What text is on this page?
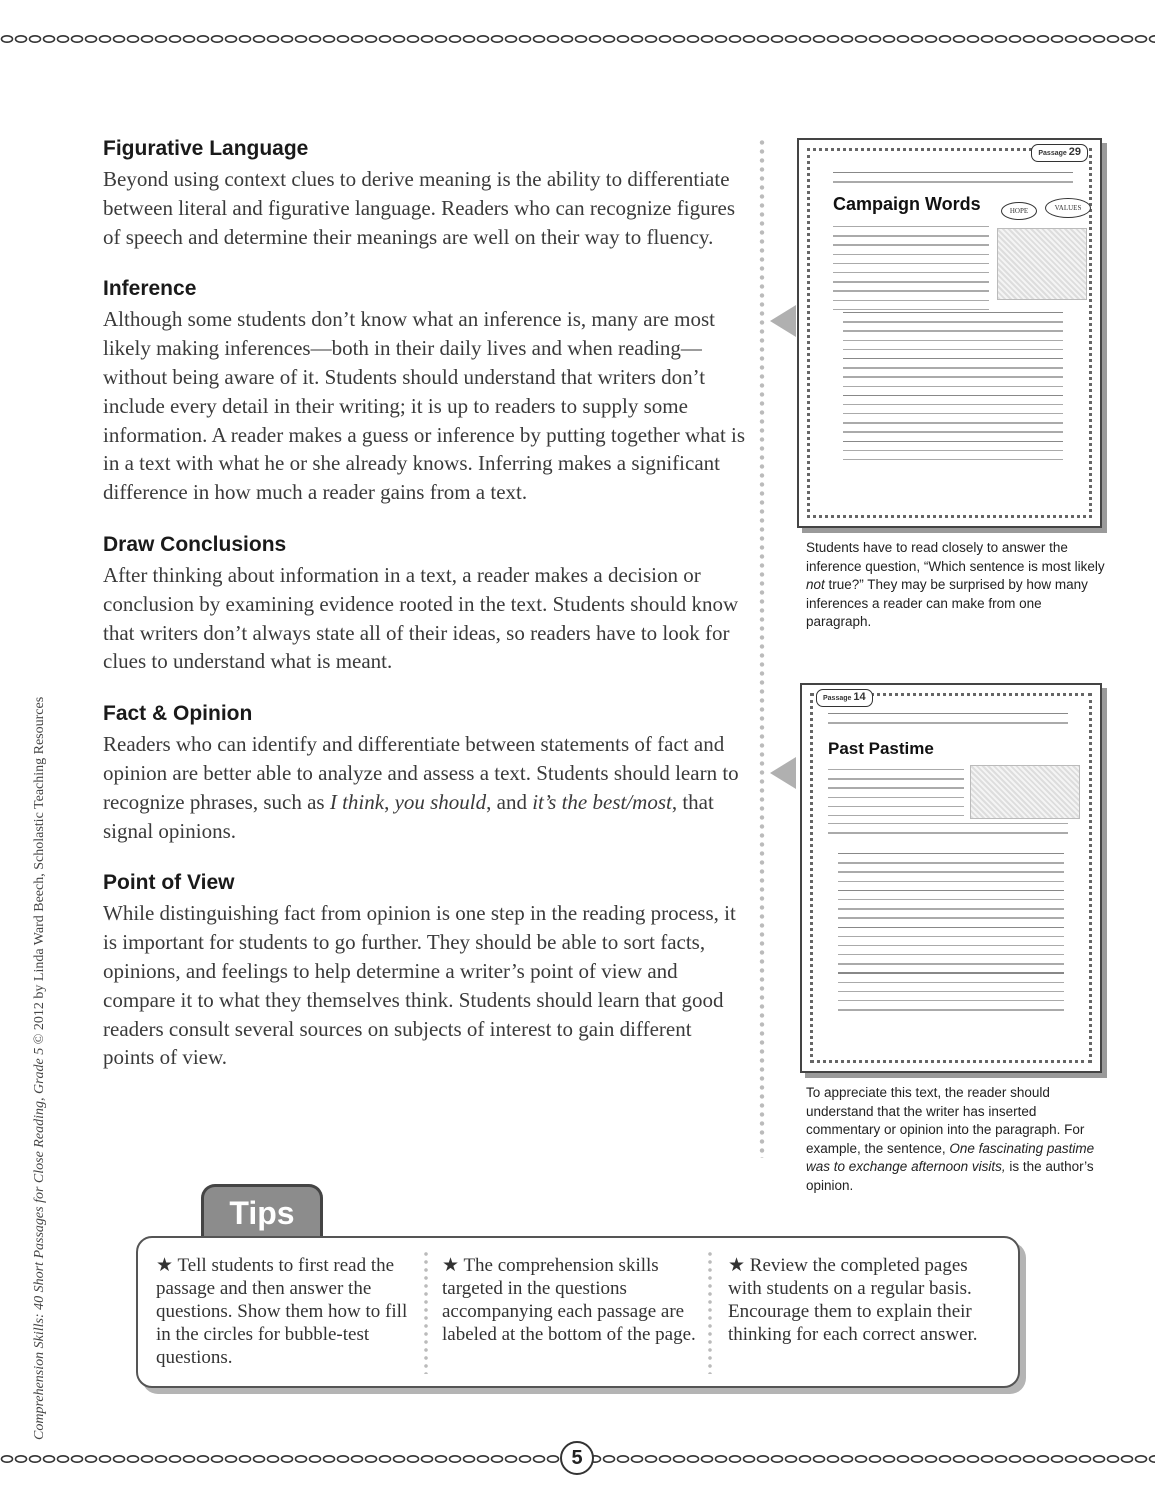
5
Comprehension Skills: 40 Short Passages for Close Reading, Grade 5 © 2012 by Linda Ward Beech, Scholastic Teaching Resources
Figurative Language

Beyond using context clues to derive meaning is the ability to differentiate between literal and figurative language. Readers who can recognize figures of speech and determine their meanings are well on their way to fluency.

Inference

Although some students don’t know what an inference is, many are most likely making inferences—both in their daily lives and when reading—without being aware of it. Students should understand that writers don’t include every detail in their writing; it is up to readers to supply some information. A reader makes a guess or inference by putting together what is in a text with what he or she already knows. Inferring makes a significant difference in how much a reader gains from a text.

Draw Conclusions

After thinking about information in a text, a reader makes a decision or conclusion by examining evidence rooted in the text. Students should know that writers don’t always state all of their ideas, so readers have to look for clues to understand what is meant.

Fact & Opinion

Readers who can identify and differentiate between statements of fact and opinion are better able to analyze and assess a text. Students should learn to recognize phrases, such as I think, you should, and it’s the best/most, that signal opinions.

Point of View

While distinguishing fact from opinion is one step in the reading process, it is important for students to go further. They should be able to sort facts, opinions, and feelings to help determine a writer’s point of view and compare it to what they themselves think. Students should learn that good readers consult several sources on subjects of interest to gain different points of view.

Passage 29
Campaign Words	HOPE	VALUES
Students have to read closely to answer the inference question, “Which sentence is most likely not true?” They may be surprised by how many inferences a reader can make from one paragraph.
Passage 14
Past Pastime
To appreciate this text, the reader should understand that the writer has inserted commentary or opinion into the paragraph. For example, the sentence, One fascinating pastime was to exchange afternoon visits, is the author’s opinion.
Tips
★ Tell students to first read the passage and then answer the questions. Show them how to fill in the circles for bubble-test questions.
★ The comprehension skills targeted in the questions accompanying each passage are labeled at the bottom of the page.
★ Review the completed pages with students on a regular basis. Encourage them to explain their thinking for each correct answer.
